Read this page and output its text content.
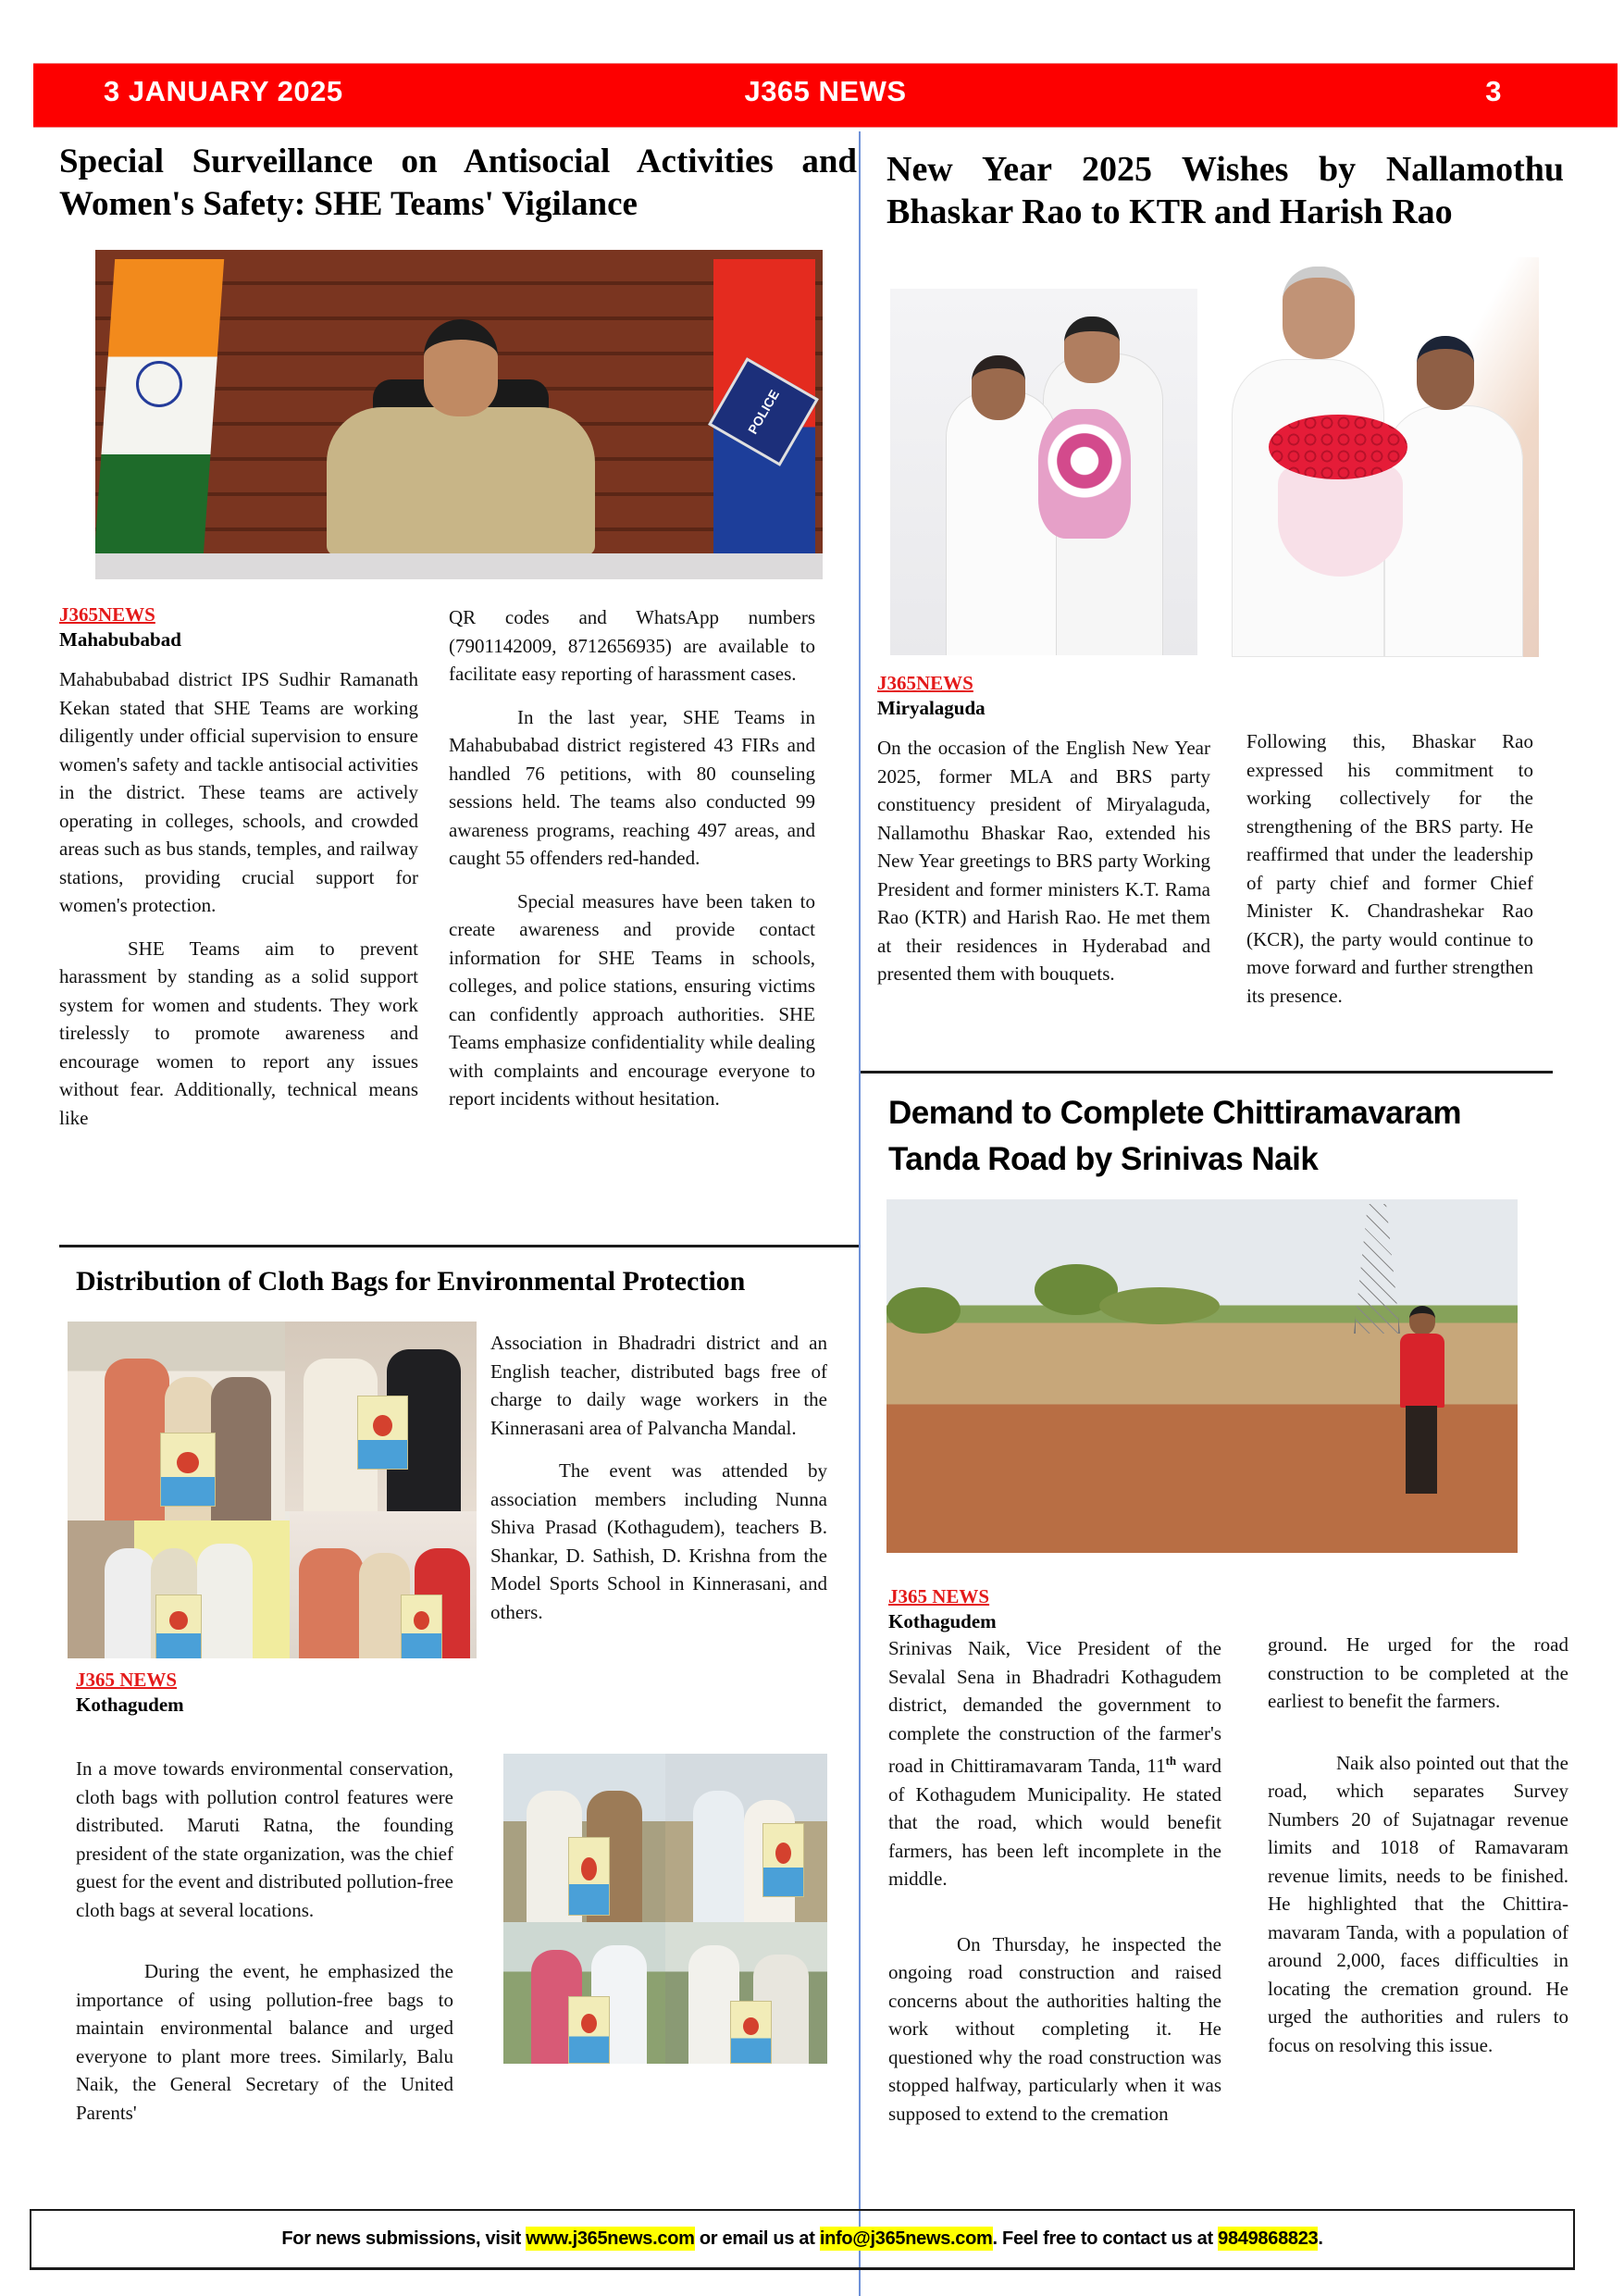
J365 NEWS
3 JANUARY 2025	3
Special Surveillance on Antisocial Activities and Women's Safety: SHE Teams' Vigilance
POLICE
J365NEWS
Mahabubabad

Mahabubabad district IPS Sudhir Ramanath Kekan stated that SHE Teams are working diligently under official supervision to ensure women's safety and tackle antisocial activities in the district. These teams are actively operating in colleges, schools, and crowded areas such as bus stands, temples, and railway stations, providing crucial support for women's protection.

SHE Teams aim to prevent harassment by standing as a solid support system for women and students. They work tirelessly to promote awareness and encourage women to report any issues without fear. Additionally, technical means like

QR codes and WhatsApp numbers (7901142009, 8712656935) are available to facilitate easy reporting of harassment cases.

In the last year, SHE Teams in Mahabubabad district registered 43 FIRs and handled 76 petitions, with 80 counseling sessions held. The teams also conducted 99 awareness programs, reaching 497 areas, and caught 55 offenders red-handed.

Special measures have been taken to create awareness and provide contact information for SHE Teams in schools, colleges, and police stations, ensuring victims can confidently approach authorities. SHE Teams emphasize confidentiality while dealing with complaints and encourage everyone to report incidents without hesitation.

New Year 2025 Wishes by Nallamothu Bhaskar Rao to KTR and Harish Rao
J365NEWS
Miryalaguda

On the occasion of the English New Year 2025, former MLA and BRS party constituency president of Miryalaguda, Nallamothu Bhaskar Rao, extended his New Year greetings to BRS party Working President and former ministers K.T. Rama Rao (KTR) and Harish Rao. He met them at their residences in Hyderabad and presented them with bouquets.

Following this, Bhaskar Rao expressed his commitment to working collectively for the strengthening of the BRS party. He reaffirmed that under the leadership of party chief and former Chief Minister K. Chandrashekar Rao (KCR), the party would continue to move forward and further strengthen its presence.

Demand to Complete Chittiramavaram Tanda Road by Srinivas Naik
J365 NEWS
Kothagudem

Srinivas Naik, Vice President of the Sevalal Sena in Bhadradri Kothagudem district, demanded the government to complete the construction of the farmer's road in Chittiramavaram Tanda, 11th ward of Kothagudem Municipality. He stated that the road, which would benefit farmers, has been left incomplete in the middle.

On Thursday, he inspected the ongoing road construction and raised concerns about the authorities halting the work without completing it. He questioned why the road construction was stopped halfway, particularly when it was supposed to extend to the cremation

ground. He urged for the road construction to be completed at the earliest to benefit the farmers.

Naik also pointed out that the road, which separates Survey Numbers 20 of Sujatnagar revenue limits and 1018 of Ramavaram revenue limits, needs to be finished. He highlighted that the Chittira-mavaram Tanda, with a population of around 2,000, faces difficulties in locating the cremation ground. He urged the authorities and rulers to focus on resolving this issue.

Distribution of Cloth Bags for Environmental Protection
J365 NEWS
Kothagudem

In a move towards environmental conservation, cloth bags with pollution control features were distributed. Maruti Ratna, the founding president of the state organization, was the chief guest for the event and distributed pollution-free cloth bags at several locations.

During the event, he emphasized the importance of using pollution-free bags to maintain environmental balance and urged everyone to plant more trees. Similarly, Balu Naik, the General Secretary of the United Parents'

Association in Bhadradri district and an English teacher, distributed bags free of charge to daily wage workers in the Kinnerasani area of Palvancha Mandal.

The event was attended by association members including Nunna Shiva Prasad (Kothagudem), teachers B. Shankar, D. Sathish, D. Krishna from the Model Sports School in Kinnerasani, and others.

For news submissions, visit www.j365news.com or email us at info@j365news.com. Feel free to contact us at 9849868823.
